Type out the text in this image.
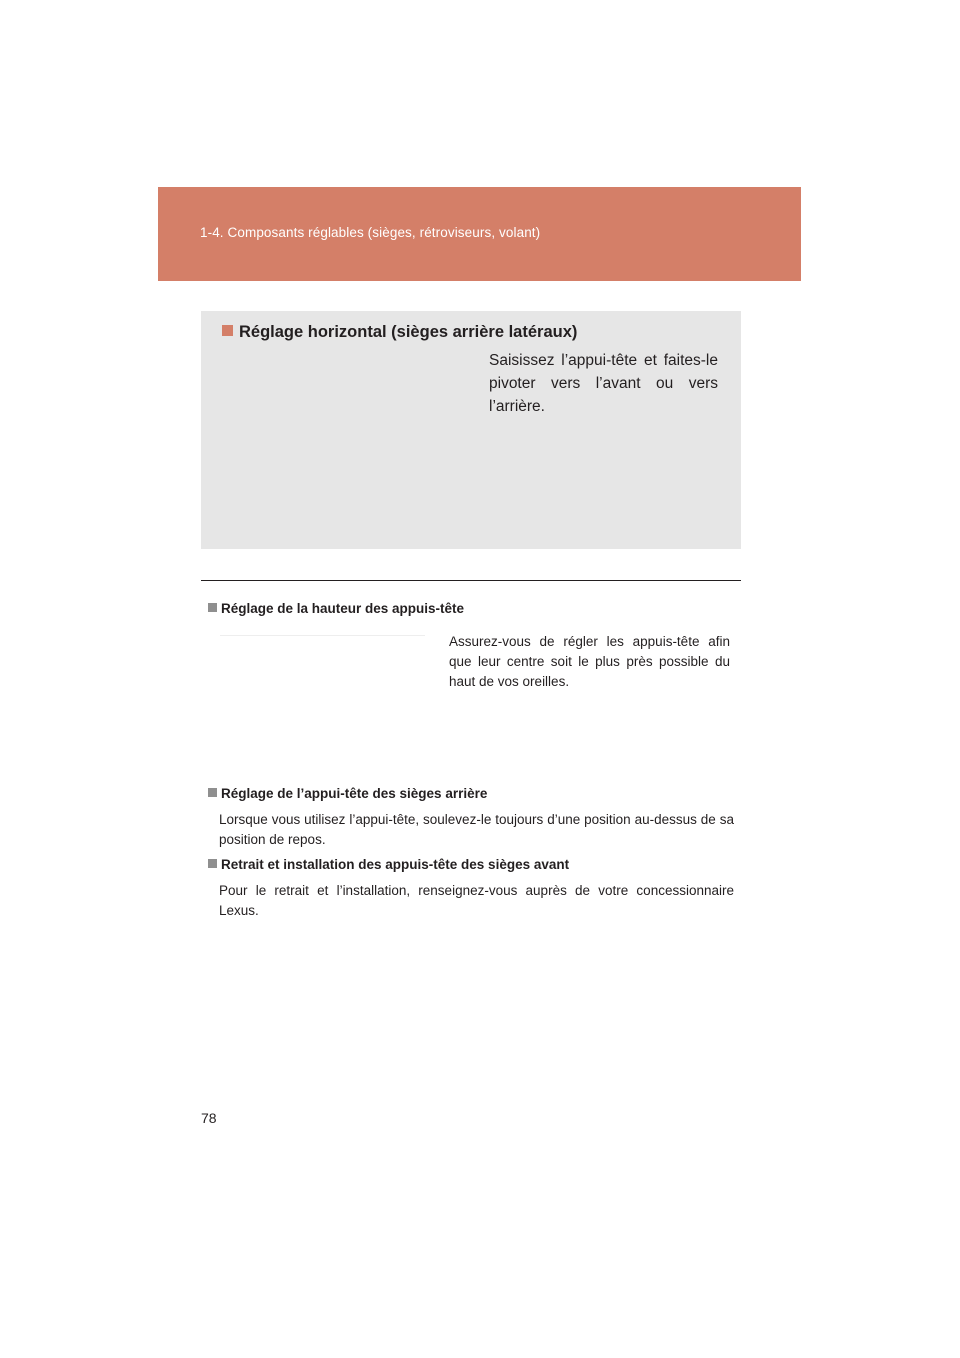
1-4. Composants réglables (sièges, rétroviseurs, volant)
Réglage horizontal (sièges arrière latéraux)
Saisissez l’appui-tête et faites-le pivoter vers l’avant ou vers l’arrière.
Réglage de la hauteur des appuis-tête
Assurez-vous de régler les appuis-tête afin que leur centre soit le plus près possible du haut de vos oreilles.
Réglage de l’appui-tête des sièges arrière
Lorsque vous utilisez l’appui-tête, soulevez-le toujours d’une position au-dessus de sa position de repos.
Retrait et installation des appuis-tête des sièges avant
Pour le retrait et l’installation, renseignez-vous auprès de votre concessionnaire Lexus.
78
